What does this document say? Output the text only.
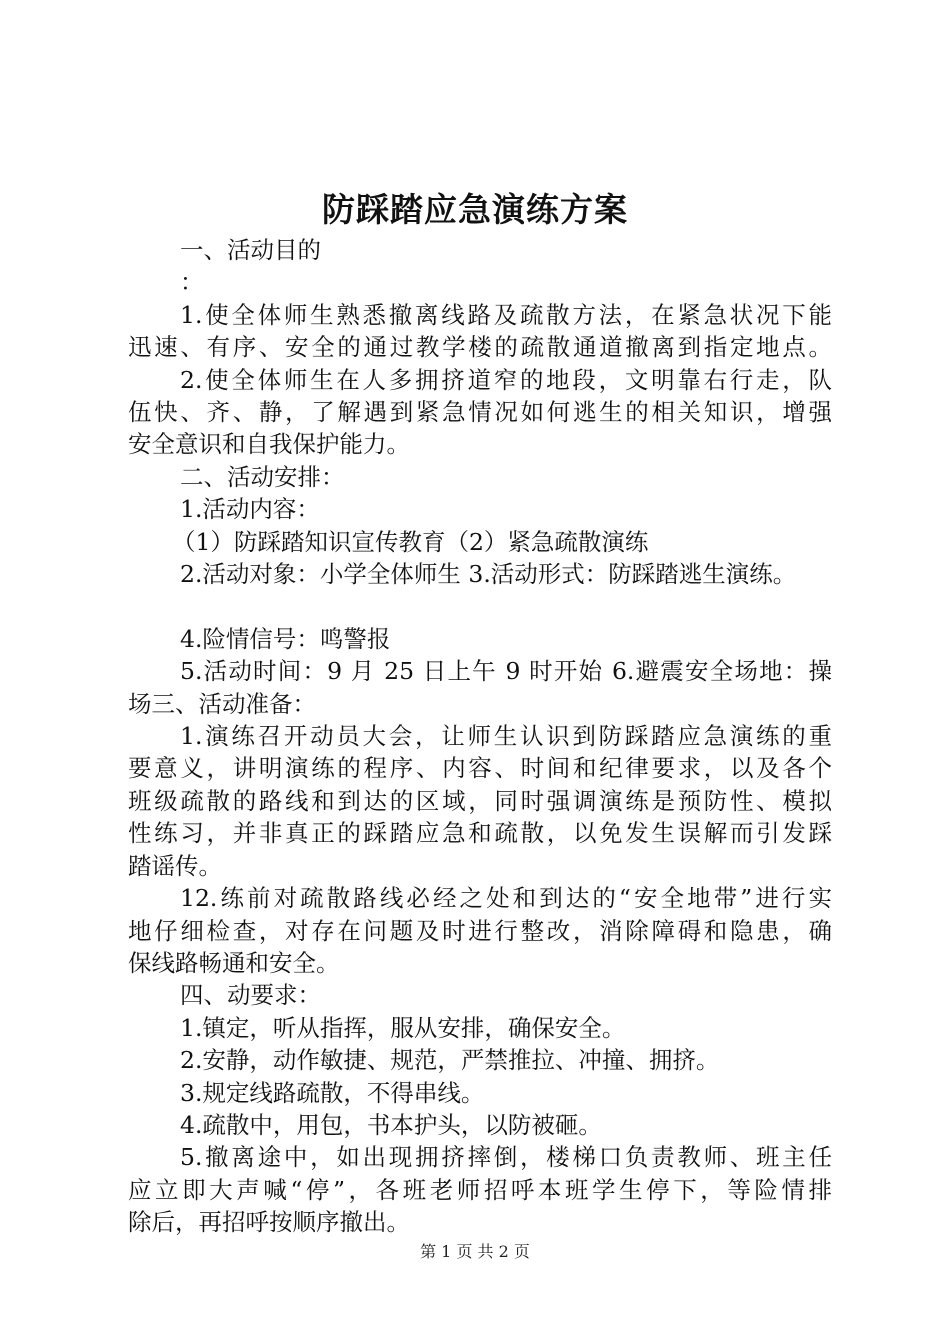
防踩踏应急演练方案

一、活动目的

：

1.使全体师生熟悉撤离线路及疏散方法，在紧急状况下能

迅速、有序、安全的通过教学楼的疏散通道撤离到指定地点。

2.使全体师生在人多拥挤道窄的地段，文明靠右行走，队

伍快、齐、静，了解遇到紧急情况如何逃生的相关知识，增强

安全意识和自我保护能力。

二、活动安排：

1.活动内容：

（1）防踩踏知识宣传教育（2）紧急疏散演练

2.活动对象：小学全体师生 3.活动形式：防踩踏逃生演练。

4.险情信号：鸣警报

5.活动时间：9 月 25 日上午 9 时开始 6.避震安全场地：操

场三、活动准备：

1.演练召开动员大会，让师生认识到防踩踏应急演练的重

要意义，讲明演练的程序、内容、时间和纪律要求，以及各个

班级疏散的路线和到达的区域，同时强调演练是预防性、模拟

性练习，并非真正的踩踏应急和疏散，以免发生误解而引发踩

踏谣传。

12.练前对疏散路线必经之处和到达的“安全地带”进行实

地仔细检查，对存在问题及时进行整改，消除障碍和隐患，确

保线路畅通和安全。

四、动要求：

1.镇定，听从指挥，服从安排，确保安全。

2.安静，动作敏捷、规范，严禁推拉、冲撞、拥挤。

3.规定线路疏散，不得串线。

4.疏散中，用包，书本护头，以防被砸。

5.撤离途中，如出现拥挤摔倒，楼梯口负责教师、班主任

应立即大声喊“停”，各班老师招呼本班学生停下，等险情排

除后，再招呼按顺序撤出。

第 1 页 共 2 页
